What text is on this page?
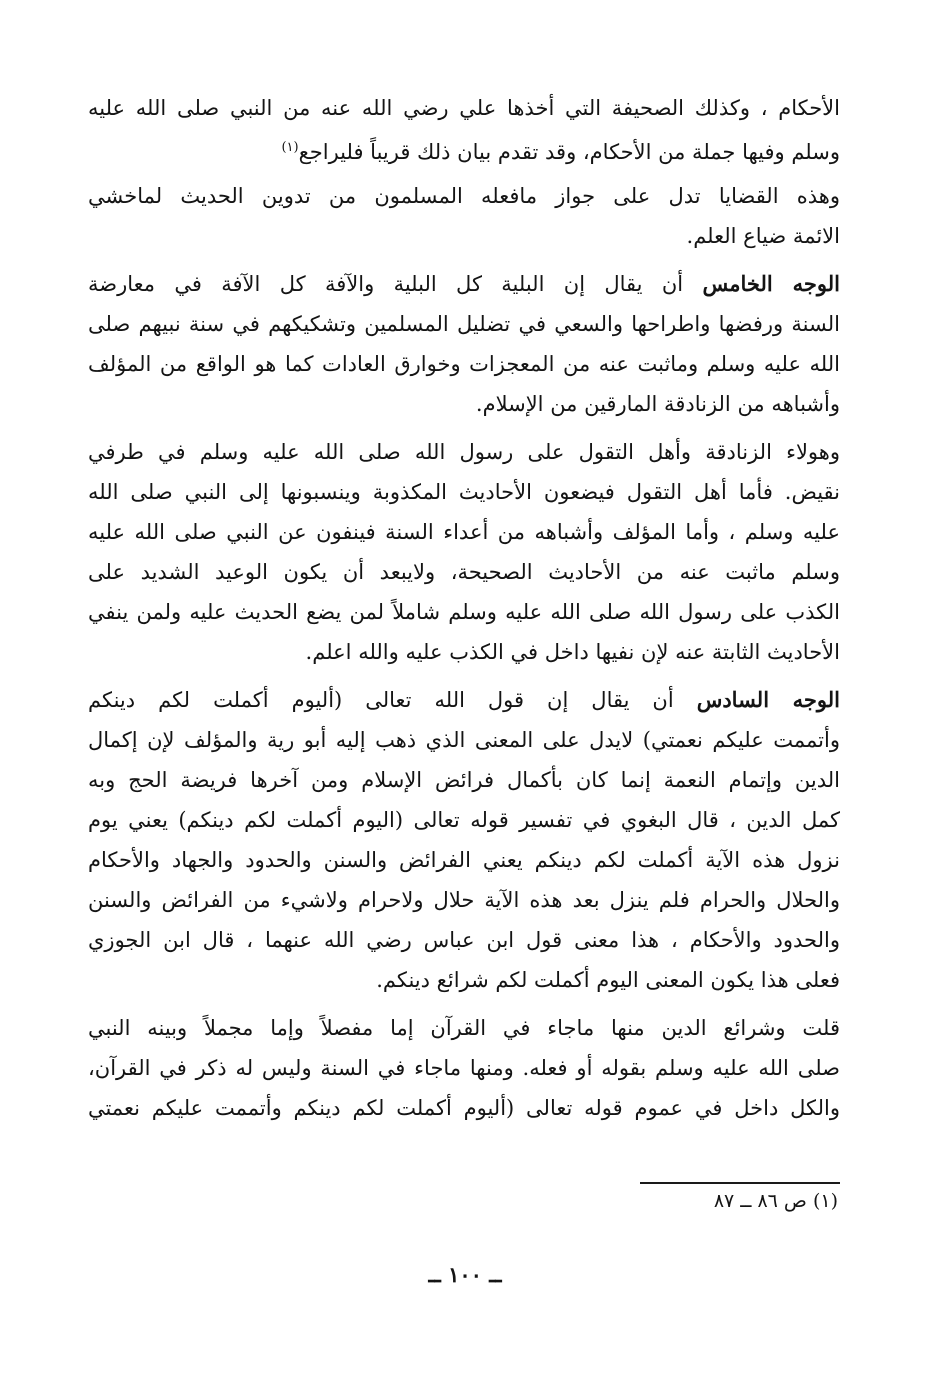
الأحكام ، وكذلك الصحيفة التي أخذها علي رضي الله عنه من النبي صلى الله عليه
وسلم وفيها جملة من الأحكام، وقد تقدم بيان ذلك قريباً فليراجع$^{(١)}$
وهذه القضايا تدل على جواز مافعله المسلمون من تدوين الحديث لماخشي
الائمة ضياع العلم.
الوجه الخامس أن يقال إن البلية كل البلية والآفة كل الآفة في معارضة
السنة ورفضها واطراحها والسعي في تضليل المسلمين وتشكيكهم في سنة نبيهم صلى
الله عليه وسلم وماثبت عنه من المعجزات وخوارق العادات كما هو الواقع من المؤلف
وأشباهه من الزنادقة المارقين من الإسلام.
وهولاء الزنادقة وأهل التقول على رسول الله صلى الله عليه وسلم في طرفي
نقيض. فأما أهل التقول فيضعون الأحاديث المكذوبة وينسبونها إلى النبي صلى الله
عليه وسلم ، وأما المؤلف وأشباهه من أعداء السنة فينفون عن النبي صلى الله عليه
وسلم ماثبت عنه من الأحاديث الصحيحة، ولايبعد أن يكون الوعيد الشديد على
الكذب على رسول الله صلى الله عليه وسلم شاملاً لمن يضع الحديث عليه ولمن ينفي
الأحاديث الثابتة عنه لإن نفيها داخل في الكذب عليه والله اعلم.
الوجه السادس أن يقال إن قول الله تعالى (أليوم أكملت لكم دينكم
وأتممت عليكم نعمتي) لايدل على المعنى الذي ذهب إليه أبو رية والمؤلف لإن إكمال
الدين وإتمام النعمة إنما كان بأكمال فرائض الإسلام ومن آخرها فريضة الحج وبه
كمل الدين ، قال البغوي في تفسير قوله تعالى (اليوم أكملت لكم دينكم) يعني يوم
نزول هذه الآية أكملت لكم دينكم يعني الفرائض والسنن والحدود والجهاد والأحكام
والحلال والحرام فلم ينزل بعد هذه الآية حلال ولاحرام ولاشيء من الفرائض والسنن
والحدود والأحكام ، هذا معنى قول ابن عباس رضي الله عنهما ، قال ابن الجوزي
فعلى هذا يكون المعنى اليوم أكملت لكم شرائع دينكم.
قلت وشرائع الدين منها ماجاء في القرآن إما مفصلاً وإما مجملاً وبينه النبي
صلى الله عليه وسلم بقوله أو فعله. ومنها ماجاء في السنة وليس له ذكر في القرآن،
والكل داخل في عموم قوله تعالى (أليوم أكملت لكم دينكم وأتممت عليكم نعمتي
(١) ص ٨٦ ــ ٨٧
ــ ١٠٠ ــ
